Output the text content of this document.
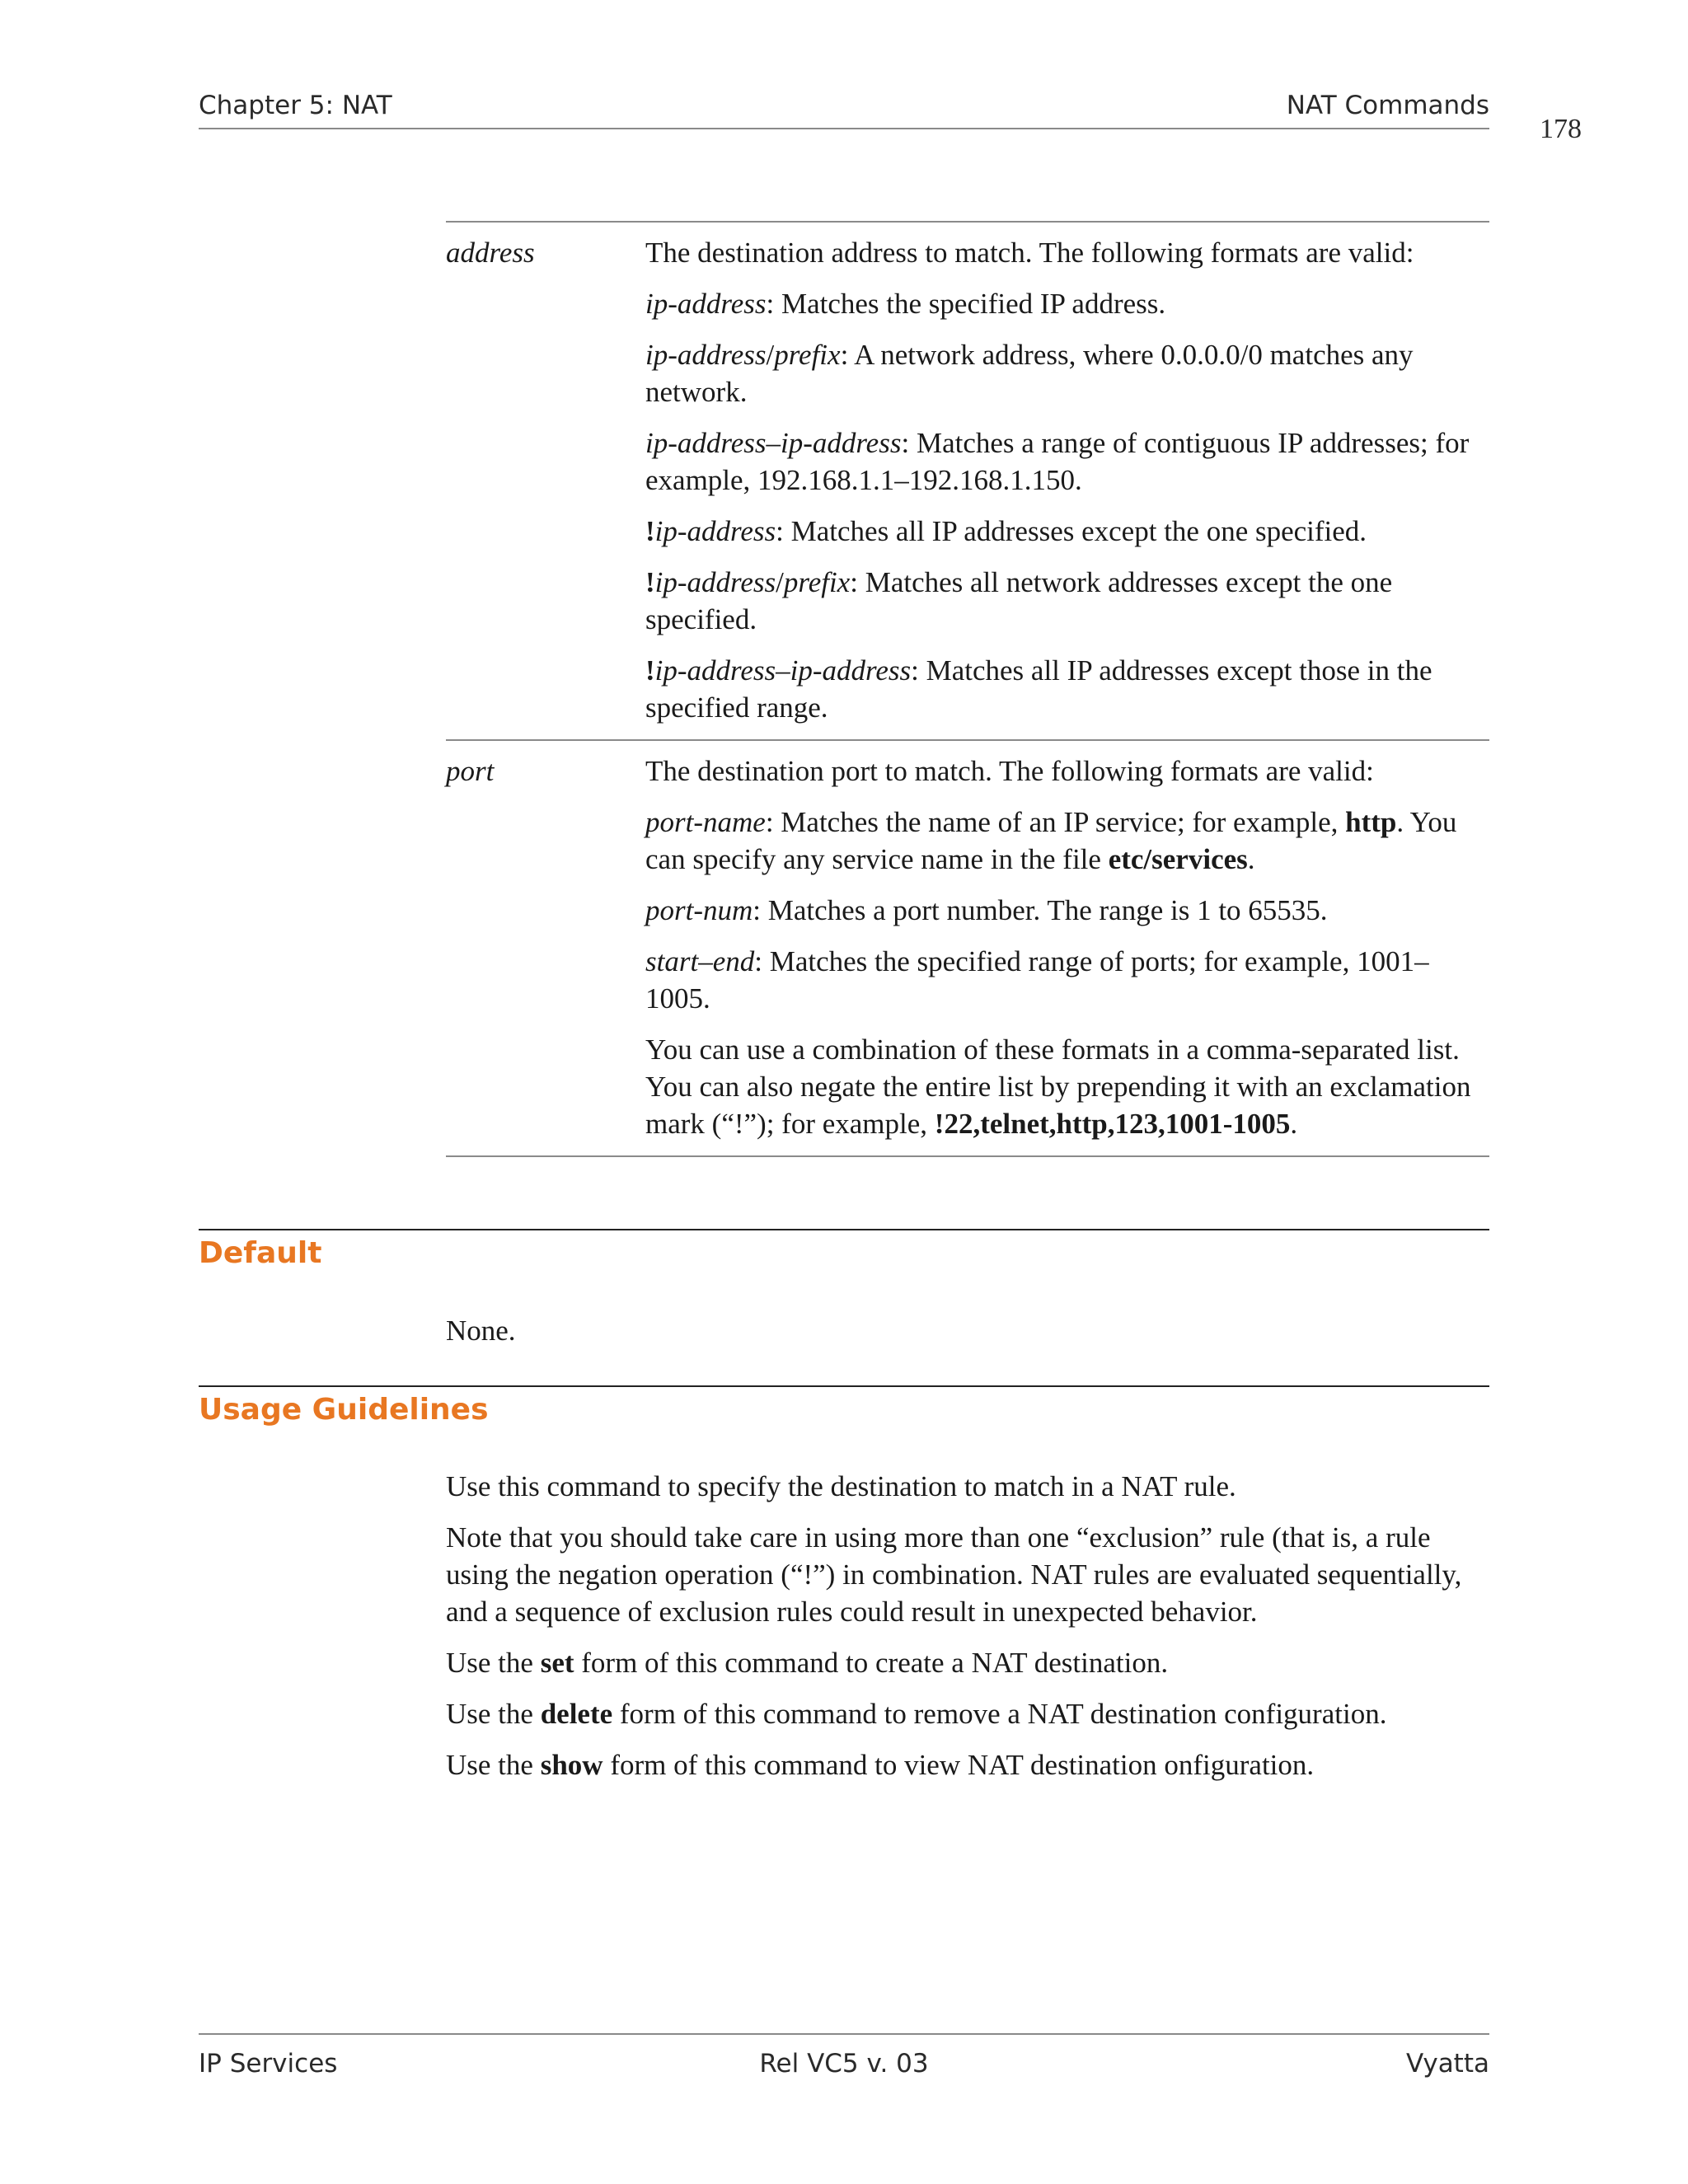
Chapter 5: NAT	NAT Commands
178
address	The destination address to match. The following formats are valid:

ip-address: Matches the specified IP address.

ip-address/prefix: A network address, where 0.0.0.0/0 matches any network.

ip-address–ip-address: Matches a range of contiguous IP addresses; for example, 192.168.1.1–192.168.1.150.

!ip-address: Matches all IP addresses except the one specified.

!ip-address/prefix: Matches all network addresses except the one specified.

!ip-address–ip-address: Matches all IP addresses except those in the specified range.

port	The destination port to match. The following formats are valid:

port-name: Matches the name of an IP service; for example, http. You can specify any service name in the file etc/services.

port-num: Matches a port number. The range is 1 to 65535.

start–end: Matches the specified range of ports; for example, 1001–1005.

You can use a combination of these formats in a comma-separated list. You can also negate the entire list by prepending it with an exclamation mark (“!”); for example, !22,telnet,http,123,1001-1005.

Default

None.

Usage Guidelines

Use this command to specify the destination to match in a NAT rule.

Note that you should take care in using more than one “exclusion” rule (that is, a rule using the negation operation (“!”) in combination. NAT rules are evaluated sequentially, and a sequence of exclusion rules could result in unexpected behavior.

Use the set form of this command to create a NAT destination.

Use the delete form of this command to remove a NAT destination configuration.

Use the show form of this command to view NAT destination onfiguration.

IP Services	Rel VC5 v. 03	Vyatta
